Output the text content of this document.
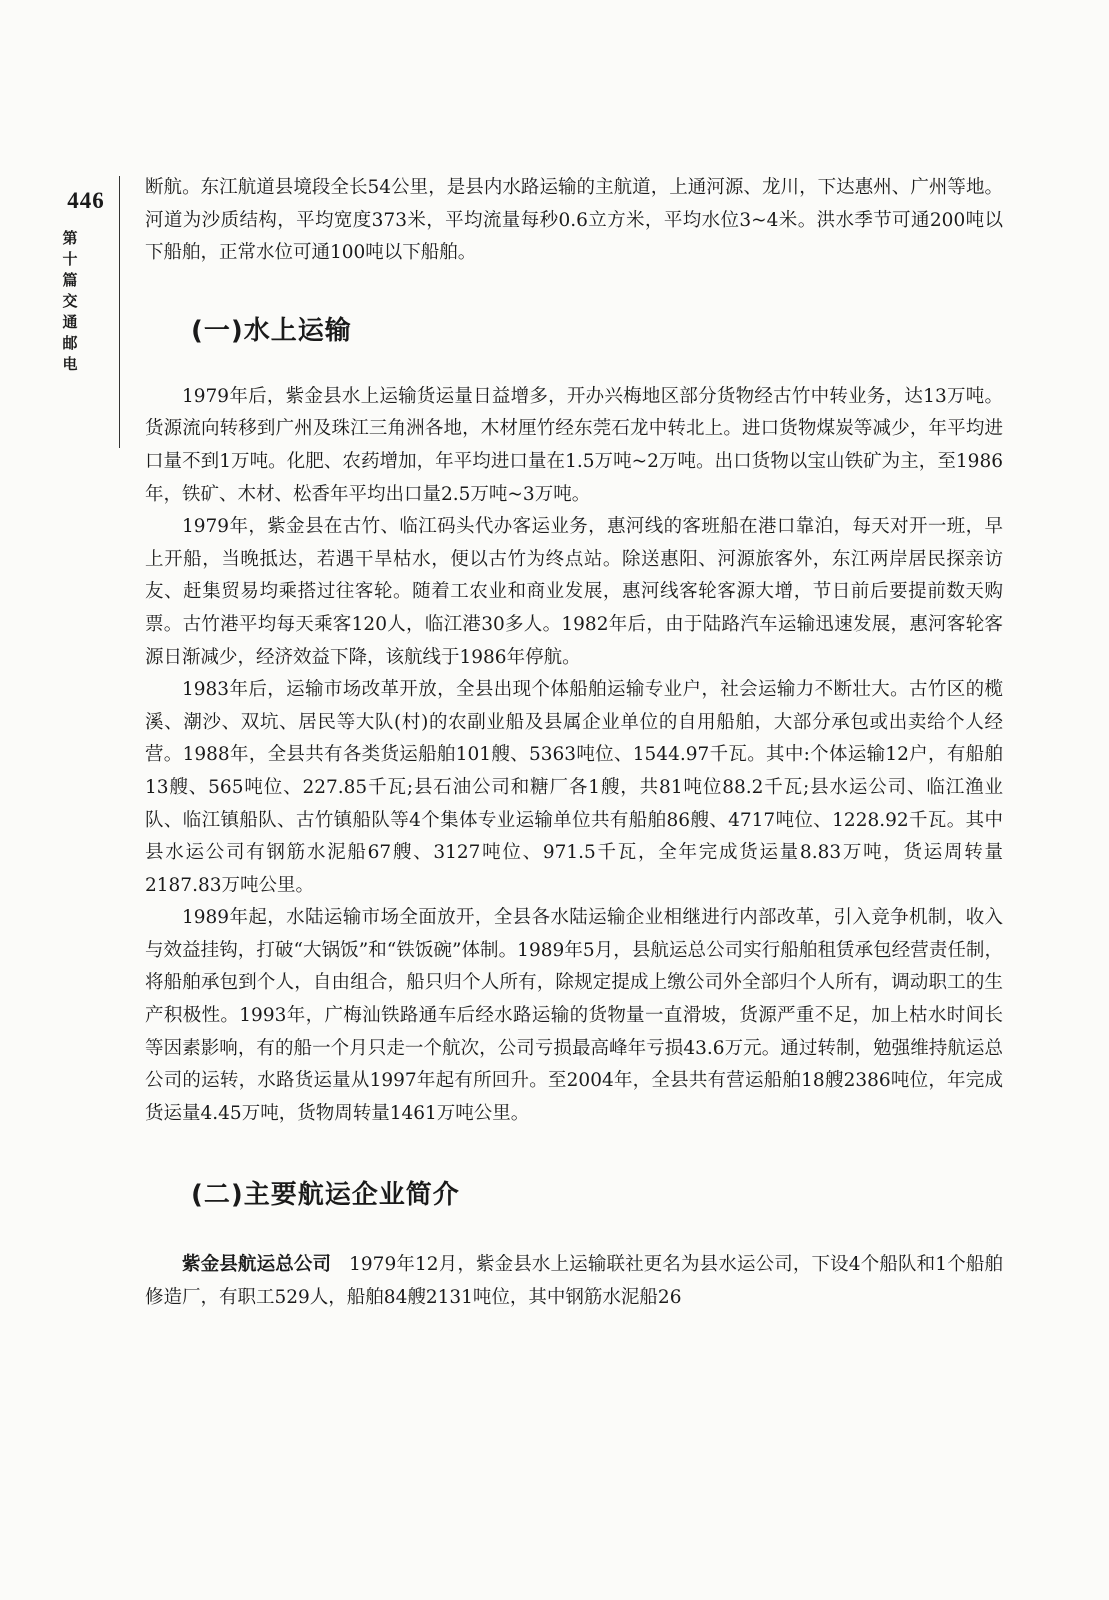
446
第十篇 交通 邮电

断航。东江航道县境段全长54公里，是县内水路运输的主航道，上通河源、龙川，下达惠州、广州等地。河道为沙质结构，平均宽度373米，平均流量每秒0.6立方米，平均水位3~4米。洪水季节可通200吨以下船舶，正常水位可通100吨以下船舶。

(一)水上运输

1979年后，紫金县水上运输货运量日益增多，开办兴梅地区部分货物经古竹中转业务，达13万吨。货源流向转移到广州及珠江三角洲各地，木材厘竹经东莞石龙中转北上。进口货物煤炭等减少，年平均进口量不到1万吨。化肥、农药增加，年平均进口量在1.5万吨~2万吨。出口货物以宝山铁矿为主，至1986年，铁矿、木材、松香年平均出口量2.5万吨~3万吨。

1979年，紫金县在古竹、临江码头代办客运业务，惠河线的客班船在港口靠泊，每天对开一班，早上开船，当晚抵达，若遇干旱枯水，便以古竹为终点站。除送惠阳、河源旅客外，东江两岸居民探亲访友、赶集贸易均乘搭过往客轮。随着工农业和商业发展，惠河线客轮客源大增，节日前后要提前数天购票。古竹港平均每天乘客120人，临江港30多人。1982年后，由于陆路汽车运输迅速发展，惠河客轮客源日渐减少，经济效益下降，该航线于1986年停航。

1983年后，运输市场改革开放，全县出现个体船舶运输专业户，社会运输力不断壮大。古竹区的榄溪、潮沙、双坑、居民等大队(村)的农副业船及县属企业单位的自用船舶，大部分承包或出卖给个人经营。1988年，全县共有各类货运船舶101艘、5363吨位、1544.97千瓦。其中:个体运输12户，有船舶13艘、565吨位、227.85千瓦;县石油公司和糖厂各1艘，共81吨位88.2千瓦;县水运公司、临江渔业队、临江镇船队、古竹镇船队等4个集体专业运输单位共有船舶86艘、4717吨位、1228.92千瓦。其中县水运公司有钢筋水泥船67艘、3127吨位、971.5千瓦，全年完成货运量8.83万吨，货运周转量2187.83万吨公里。

1989年起，水陆运输市场全面放开，全县各水陆运输企业相继进行内部改革，引入竞争机制，收入与效益挂钩，打破“大锅饭”和“铁饭碗”体制。1989年5月，县航运总公司实行船舶租赁承包经营责任制，将船舶承包到个人，自由组合，船只归个人所有，除规定提成上缴公司外全部归个人所有，调动职工的生产积极性。1993年，广梅汕铁路通车后经水路运输的货物量一直滑坡，货源严重不足，加上枯水时间长等因素影响，有的船一个月只走一个航次，公司亏损最高峰年亏损43.6万元。通过转制，勉强维持航运总公司的运转，水路货运量从1997年起有所回升。至2004年，全县共有营运船舶18艘2386吨位，年完成货运量4.45万吨，货物周转量1461万吨公里。

(二)主要航运企业简介

紫金县航运总公司 1979年12月，紫金县水上运输联社更名为县水运公司，下设4个船队和1个船舶修造厂，有职工529人，船舶84艘2131吨位，其中钢筋水泥船26
